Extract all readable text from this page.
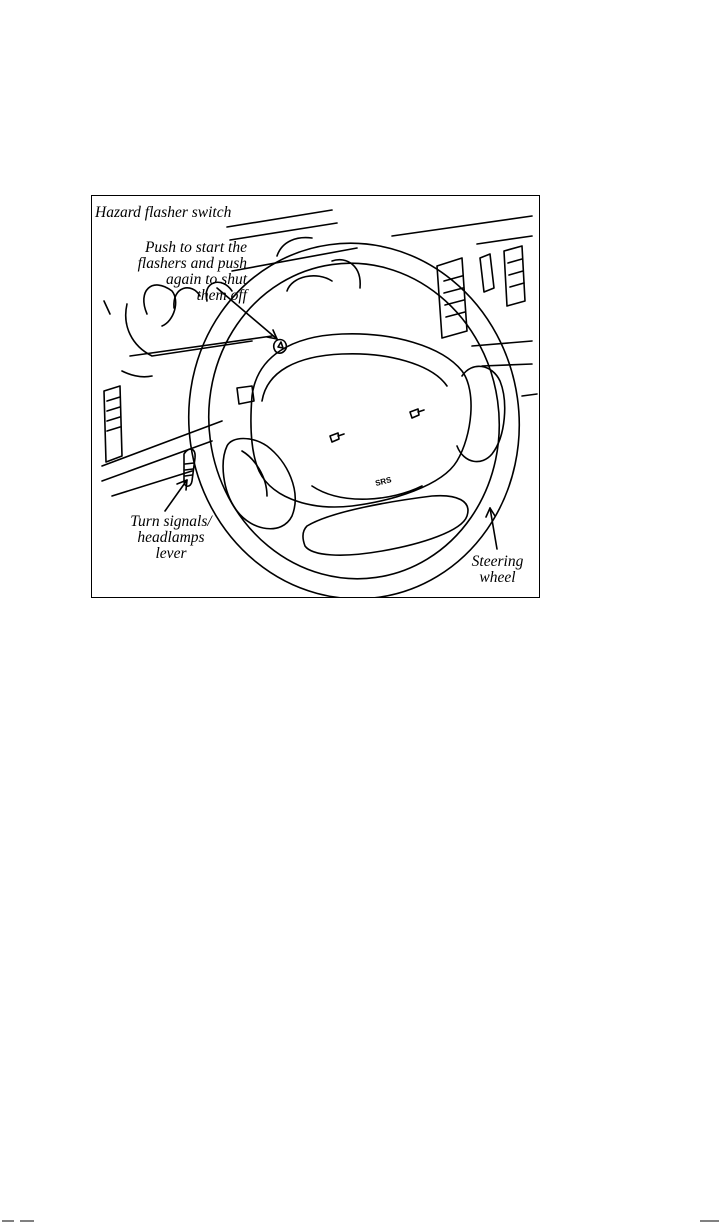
SRS

Hazard flasher switch

Push to start the
flashers and push
again to shut
them off

Turn signals/
headlamps
lever	Steering
wheel
